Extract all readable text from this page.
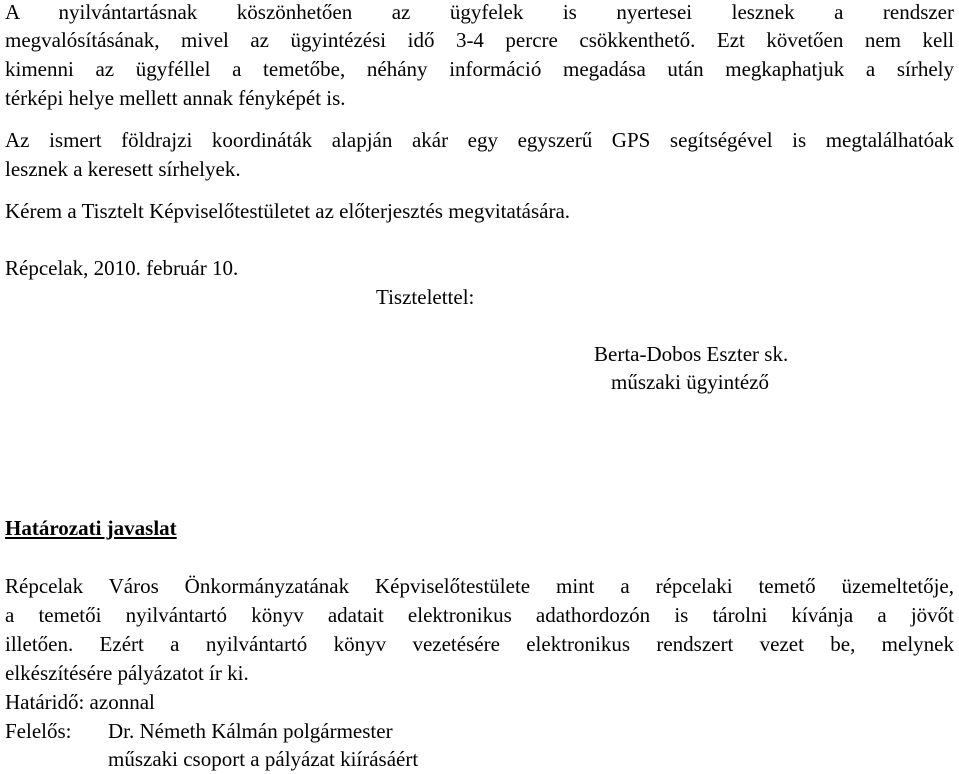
A nyilvántartásnak köszönhetően az ügyfelek is nyertesei lesznek a rendszer
megvalósításának, mivel az ügyintézési idő 3-4 percre csökkenthető. Ezt követően nem kell
kimenni az ügyféllel a temetőbe, néhány információ megadása után megkaphatjuk a sírhely
térképi helye mellett annak fényképét is.
Az ismert földrajzi koordináták alapján akár egy egyszerű GPS segítségével is megtalálhatóak
lesznek a keresett sírhelyek.
Kérem a Tisztelt Képviselőtestületet az előterjesztés megvitatására.
Répcelak, 2010. február 10.
Tisztelettel:
Berta-Dobos Eszter sk.
műszaki ügyintéző
Határozati javaslat
Répcelak Város Önkormányzatának Képviselőtestülete mint a répcelaki temető üzemeltetője,
a temetői nyilvántartó könyv adatait elektronikus adathordozón is tárolni kívánja a jövőt
illetően. Ezért a nyilvántartó könyv vezetésére elektronikus rendszert vezet be, melynek
elkészítésére pályázatot ír ki.
Határidő: azonnal
Felelős: Dr. Németh Kálmán polgármester
műszaki csoport a pályázat kiírásáért
